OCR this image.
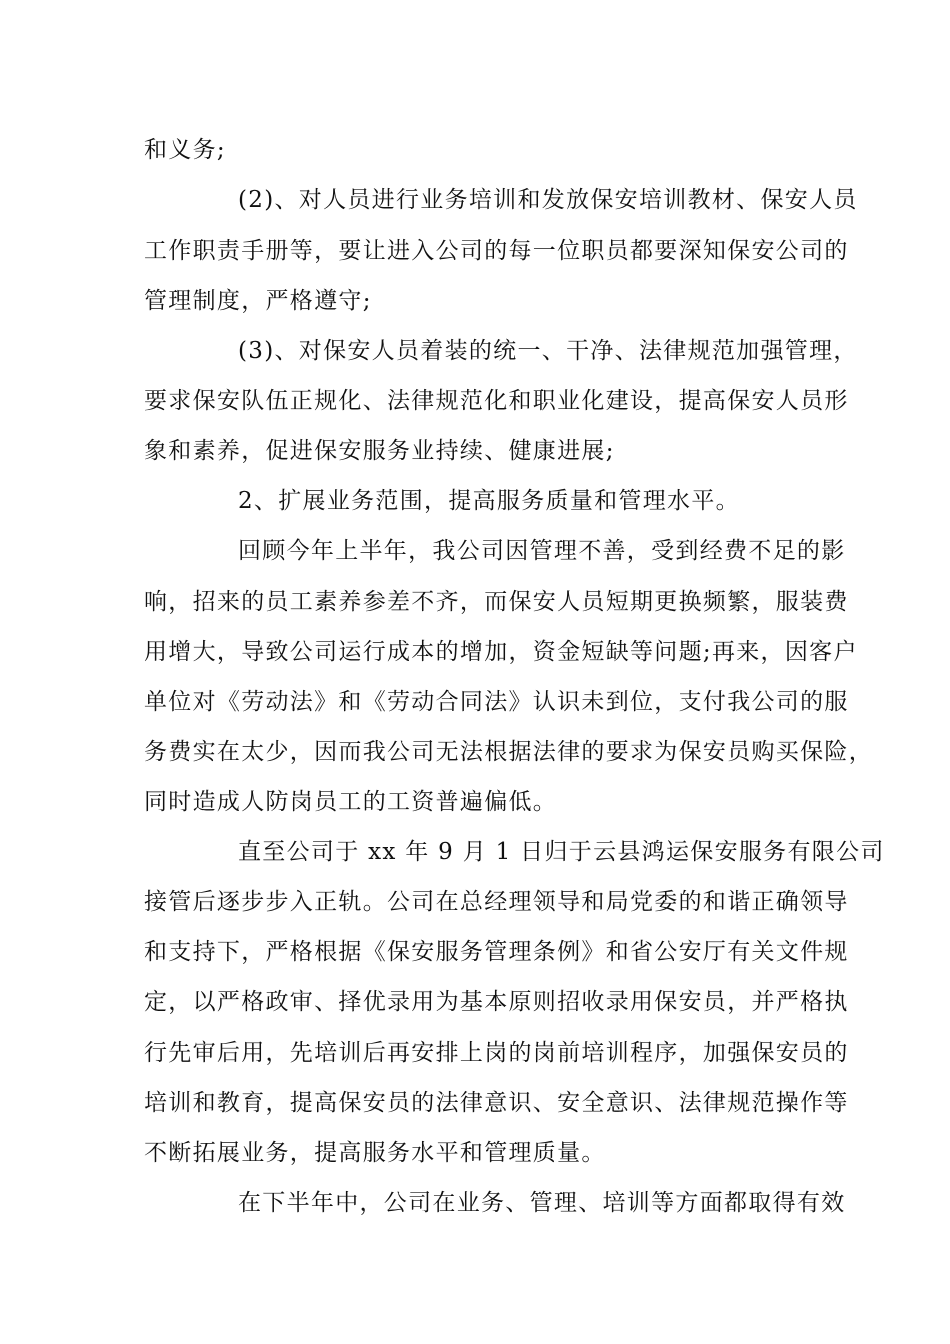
和义务;
(2)、对人员进行业务培训和发放保安培训教材、保安人员
工作职责手册等，要让进入公司的每一位职员都要深知保安公司的
管理制度，严格遵守;
(3)、对保安人员着装的统一、干净、法律规范加强管理，
要求保安队伍正规化、法律规范化和职业化建设，提高保安人员形
象和素养，促进保安服务业持续、健康进展;
2、扩展业务范围，提高服务质量和管理水平。
回顾今年上半年，我公司因管理不善，受到经费不足的影
响，招来的员工素养参差不齐，而保安人员短期更换频繁，服装费
用增大，导致公司运行成本的增加，资金短缺等问题;再来，因客户
单位对《劳动法》和《劳动合同法》认识未到位，支付我公司的服
务费实在太少，因而我公司无法根据法律的要求为保安员购买保险，
同时造成人防岗员工的工资普遍偏低。
直至公司于 xx 年 9 月 1 日归于云县鸿运保安服务有限公司
接管后逐步步入正轨。公司在总经理领导和局党委的和谐正确领导
和支持下，严格根据《保安服务管理条例》和省公安厅有关文件规
定，以严格政审、择优录用为基本原则招收录用保安员，并严格执
行先审后用，先培训后再安排上岗的岗前培训程序，加强保安员的
培训和教育，提高保安员的法律意识、安全意识、法律规范操作等
不断拓展业务，提高服务水平和管理质量。
在下半年中，公司在业务、管理、培训等方面都取得有效
